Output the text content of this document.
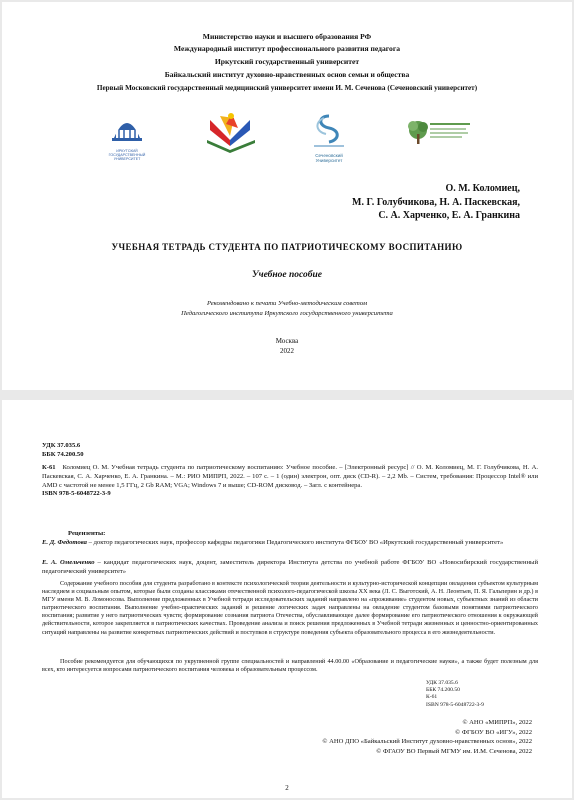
Министерство науки и высшего образования РФ
Международный институт профессионального развития педагога
Иркутский государственный университет
Байкальский институт духовно-нравственных основ семьи и общества
Первый Московский государственный медицинский университет имени И. М. Сеченова (Сеченовский университет)
ИРКУТСКИЙ
ГОСУДАРСТВЕННЫЙ
УНИВЕРСИТЕТ
Сеченовский
Университет
О. М. Коломиец,
М. Г. Голубчикова, Н. А. Паскевская,
С. А. Харченко, Е. А. Гранкина
УЧЕБНАЯ ТЕТРАДЬ СТУДЕНТА ПО ПАТРИОТИЧЕСКОМУ ВОСПИТАНИЮ
Учебное пособие
Рекомендовано к печати Учебно-методическим советом
Педагогического института Иркутского государственного университета
Москва
2022
УДК 37.035.6
ББК 74.200.50
К-61 Коломиец О. М. Учебная тетрадь студента по патриотическому воспитанию: Учебное пособие. – [Электронный ресурс] // О. М. Коломиец, М. Г. Голубчикова, Н. А. Паскевская, С. А. Харченко, Е. А. Гранкина. – М.: РИО МИПРП, 2022. – 107 с. – 1 (один) электрон, опт. диск (CD-R). – 2,2 Mb. – Систем, требования: Процессор Intel® или AMD с частотой не менее 1,5 ГГц, 2 Gb RAM; VGA; Windows 7 и выше; CD-ROM дисковод. – Загл. с контейнера.
ISBN 978-5-6048722-3-9
Рецензенты:
Е. Д. Федотова – доктор педагогических наук, профессор кафедры педагогики Педагогического института ФГБОУ ВО «Иркутский государственный университет»
Е. А. Омельченко – кандидат педагогических наук, доцент, заместитель директора Института детства по учебной работе ФГБОУ ВО «Новосибирский государственный педагогический университет»
Содержание учебного пособия для студента разработано в контексте психологической теории деятельности и культурно-исторической концепции овладения субъектом культурным наследием и социальным опытом, которые были созданы классиками отечественной психолого-педагогической школы XX века (Л. С. Выготский, А. Н. Леонтьев, П. Я. Гальперин и др.) в МГУ имени М. В. Ломоносова. Выполнение предложенных в Учебной тетради исследовательских заданий направлено на «проживание» студентом новых, субъектных знаний из области патриотического воспитания. Выполнение учебно-практических заданий и решение логических задач направлены на овладение студентом базовыми понятиями патриотического воспитания; развитие у него патриотических чувств; формирование сознания патриота Отечества, обуславливающее далее формирование его патриотического отношения к окружающей действительности, которое закрепляется в патриотических качествах. Проведение анализа и поиск решения предложенных в Учебной тетради жизненных и ценностно-ориентированных ситуаций направлены на развитие конкретных патриотических действий и поступков в структуре поведения субъекта образовательного процесса в его жизнедеятельности.
Пособие рекомендуется для обучающихся по укрупненной группе специальностей и направлений 44.00.00 «Образование и педагогические науки», а также будет полезным для всех, кто интересуется вопросами патриотического воспитания человека и образовательным процессом.
УДК 37.035.6
ББК 74.200.50
К-61
ISBN 978-5-6048722-3-9
© АНО «МИПРП», 2022
© ФГБОУ ВО «ИГУ», 2022
© АНО ДПО «Байкальский Институт духовно-нравственных основ», 2022
© ФГАОУ ВО Первый МГМУ им. И.М. Сеченова, 2022
2
